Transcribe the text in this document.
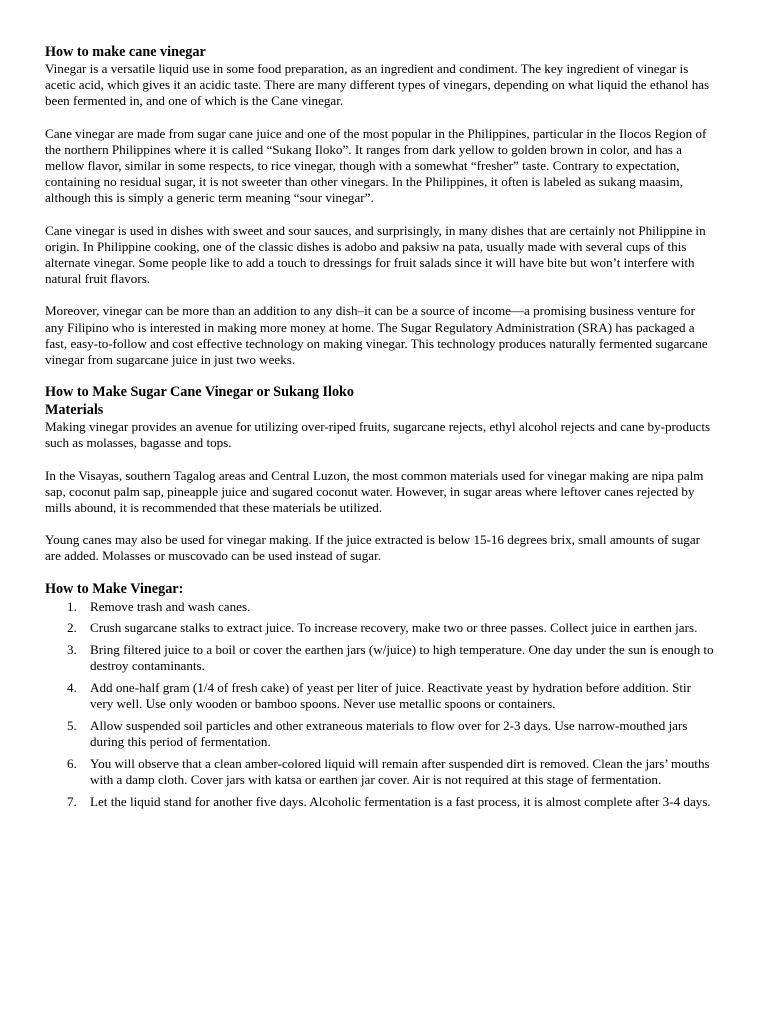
How to make cane vinegar

Vinegar is a versatile liquid use in some food preparation, as an ingredient and condiment. The key ingredient of vinegar is acetic acid, which gives it an acidic taste. There are many different types of vinegars, depending on what liquid the ethanol has been fermented in, and one of which is the Cane vinegar.

Cane vinegar are made from sugar cane juice and one of the most popular in the Philippines, particular in the Ilocos Region of the northern Philippines where it is called “Sukang Iloko”. It ranges from dark yellow to golden brown in color, and has a mellow flavor, similar in some respects, to rice vinegar, though with a somewhat “fresher” taste. Contrary to expectation, containing no residual sugar, it is not sweeter than other vinegars. In the Philippines, it often is labeled as sukang maasim, although this is simply a generic term meaning “sour vinegar”.

Cane vinegar is used in dishes with sweet and sour sauces, and surprisingly, in many dishes that are certainly not Philippine in origin. In Philippine cooking, one of the classic dishes is adobo and paksiw na pata, usually made with several cups of this alternate vinegar. Some people like to add a touch to dressings for fruit salads since it will have bite but won’t interfere with natural fruit flavors.

Moreover, vinegar can be more than an addition to any dish–it can be a source of income—a promising business venture for any Filipino who is interested in making more money at home. The Sugar Regulatory Administration (SRA) has packaged a fast, easy-to-follow and cost effective technology on making vinegar. This technology produces naturally fermented sugarcane vinegar from sugarcane juice in just two weeks.

How to Make Sugar Cane Vinegar or Sukang Iloko
Materials

Making vinegar provides an avenue for utilizing over-riped fruits, sugarcane rejects, ethyl alcohol rejects and cane by-products such as molasses, bagasse and tops.

In the Visayas, southern Tagalog areas and Central Luzon, the most common materials used for vinegar making are nipa palm sap, coconut palm sap, pineapple juice and sugared coconut water. However, in sugar areas where leftover canes rejected by mills abound, it is recommended that these materials be utilized.

Young canes may also be used for vinegar making. If the juice extracted is below 15-16 degrees brix, small amounts of sugar are added. Molasses or muscovado can be used instead of sugar.

How to Make Vinegar:
1. Remove trash and wash canes.
2. Crush sugarcane stalks to extract juice. To increase recovery, make two or three passes. Collect juice in earthen jars.
3. Bring filtered juice to a boil or cover the earthen jars (w/juice) to high temperature. One day under the sun is enough to destroy contaminants.
4. Add one-half gram (1/4 of fresh cake) of yeast per liter of juice. Reactivate yeast by hydration before addition. Stir very well. Use only wooden or bamboo spoons. Never use metallic spoons or containers.
5. Allow suspended soil particles and other extraneous materials to flow over for 2-3 days. Use narrow-mouthed jars during this period of fermentation.
6. You will observe that a clean amber-colored liquid will remain after suspended dirt is removed. Clean the jars’ mouths with a damp cloth. Cover jars with katsa or earthen jar cover. Air is not required at this stage of fermentation.
7. Let the liquid stand for another five days. Alcoholic fermentation is a fast process, it is almost complete after 3-4 days.
